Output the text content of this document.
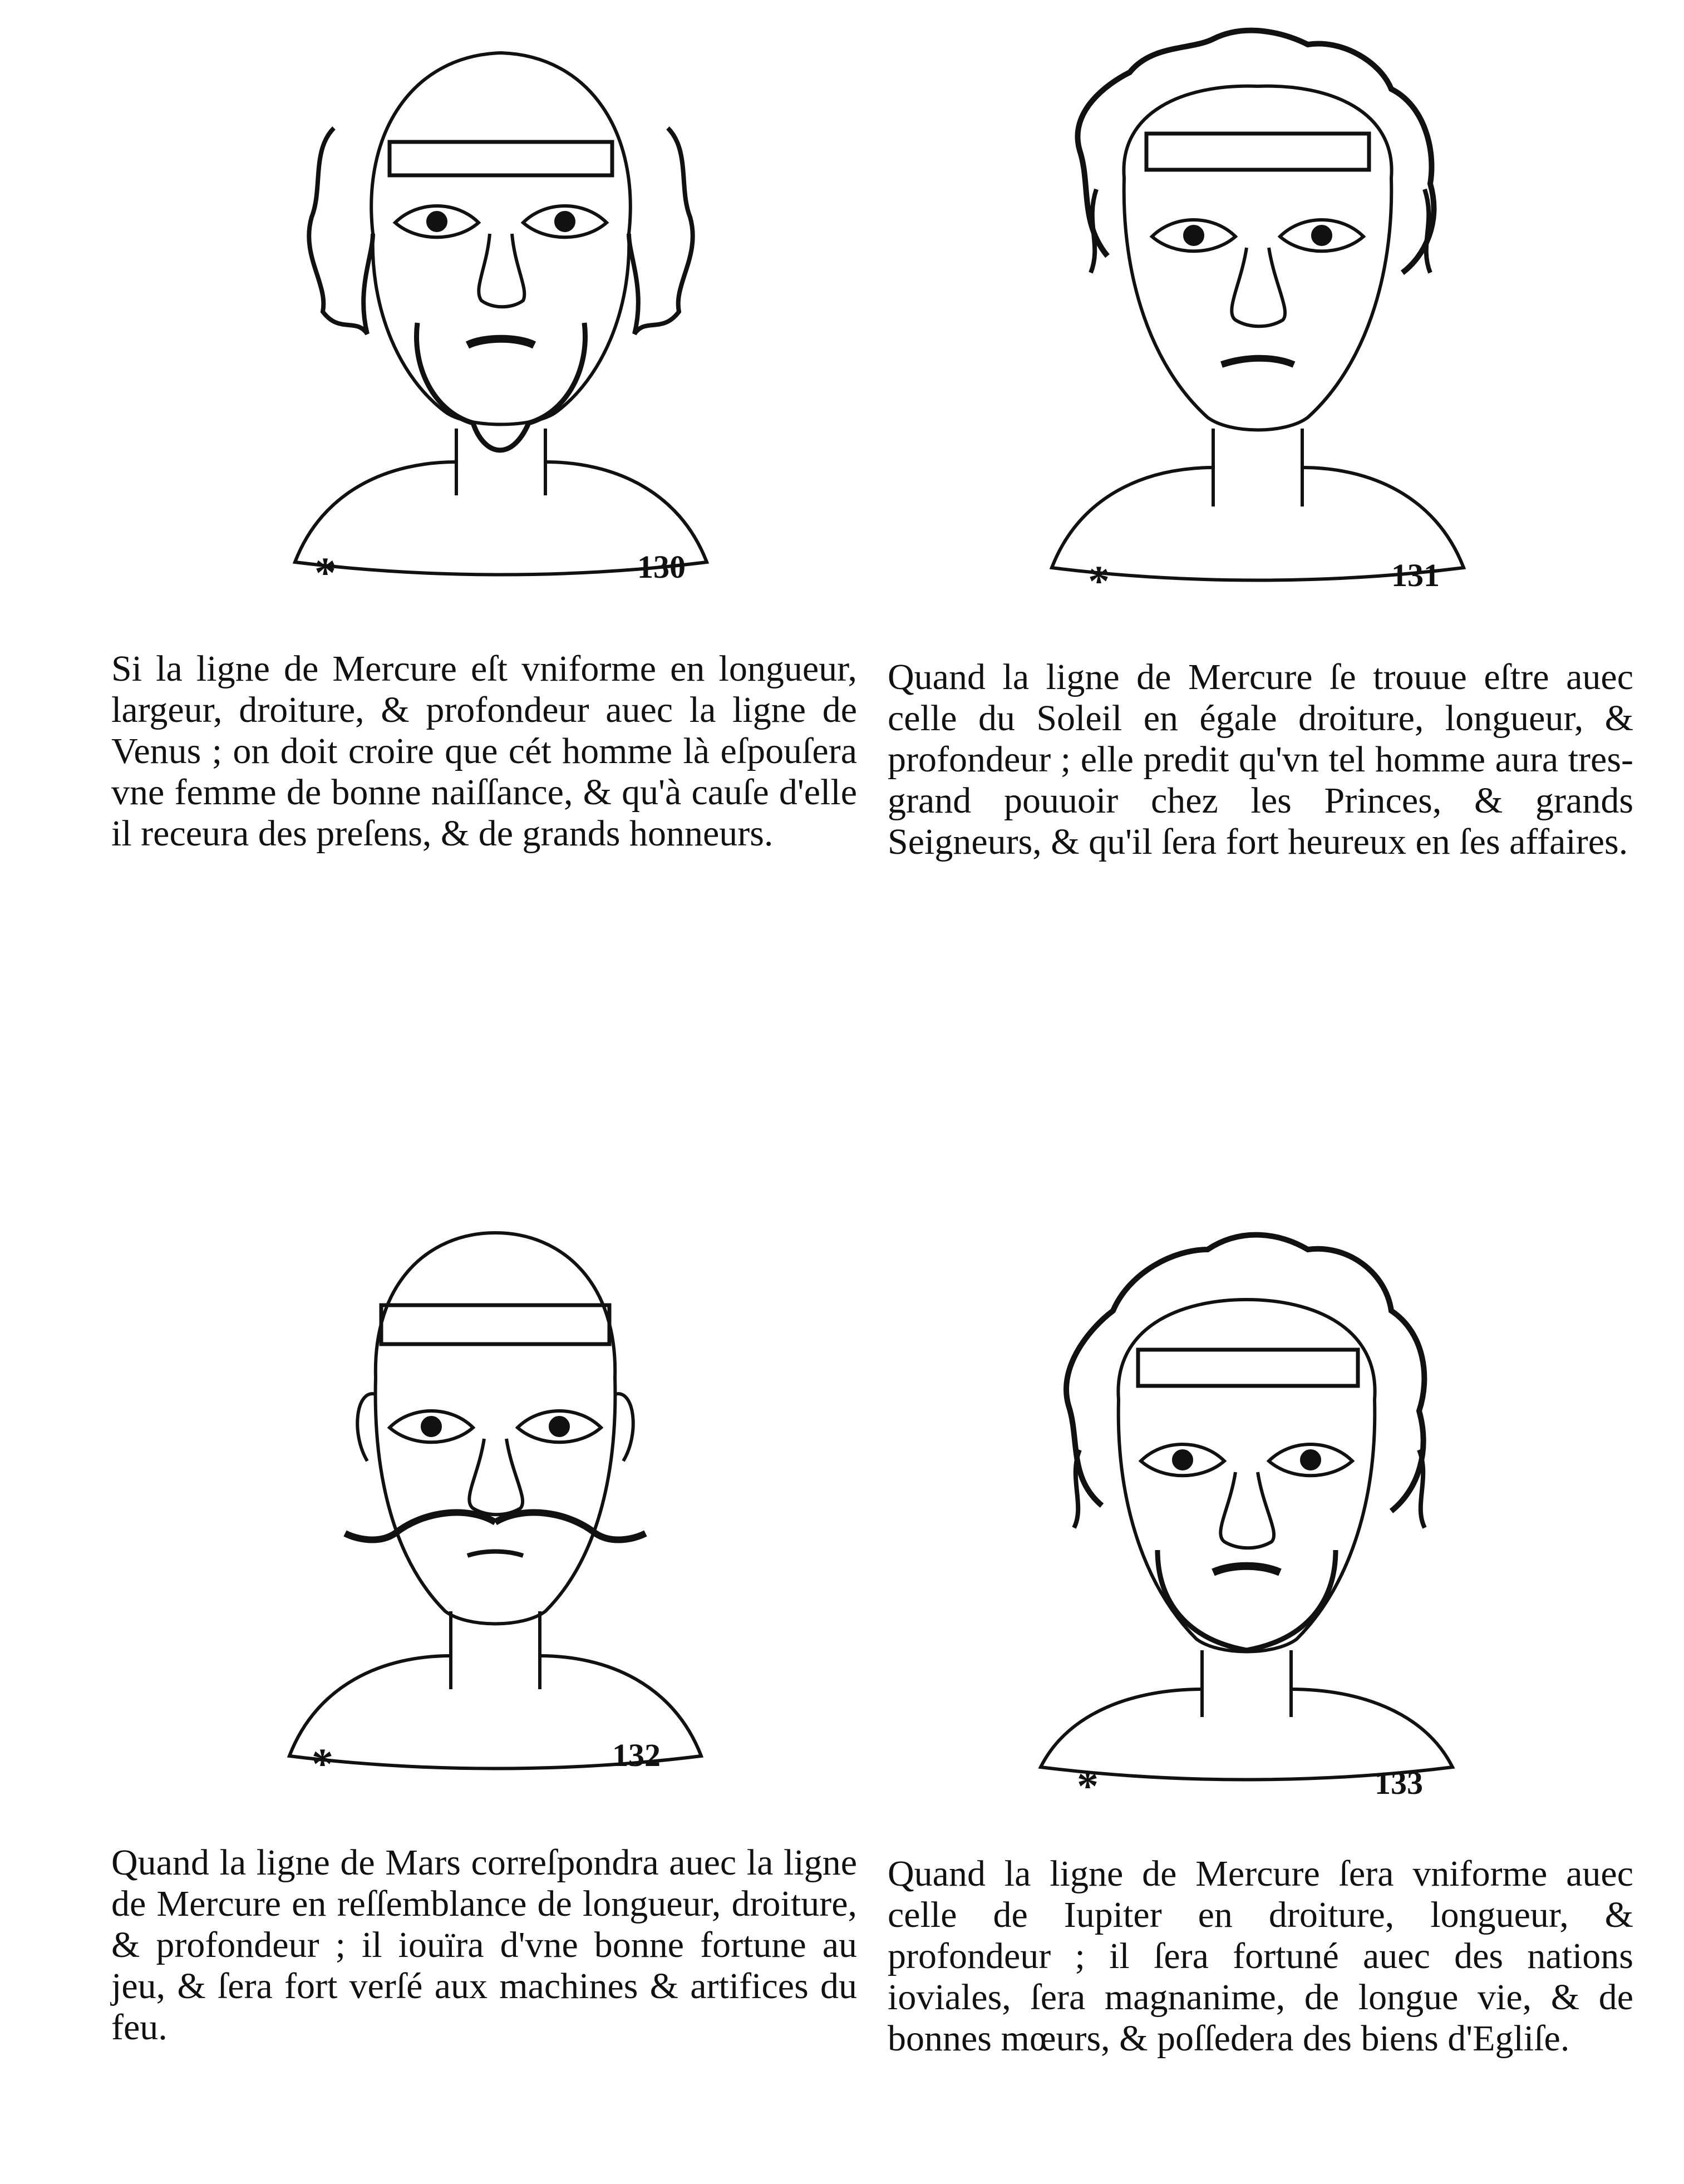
*	130	*	131

Si la ligne de Mercure eſt vniforme en longueur, largeur, droiture, & profondeur auec la ligne de Venus ; on doit croire que cét homme là eſpouſera vne femme de bonne naiſſance, & qu'à cauſe d'elle il receura des preſens, & de grands honneurs.

Quand la ligne de Mercure ſe trouue eſtre auec celle du Soleil en égale droiture, longueur, & profondeur ; elle predit qu'vn tel homme aura tres-grand pouuoir chez les Princes, & grands Seigneurs, & qu'il ſera fort heureux en ſes affaires.

*	132
*	133

Quand la ligne de Mars correſpondra auec la ligne de Mercure en reſſemblance de longueur, droiture, & profondeur ; il iouïra d'vne bonne fortune au jeu, & ſera fort verſé aux machines & artifices du feu.

Quand la ligne de Mercure ſera vniforme auec celle de Iupiter en droiture, longueur, & profondeur ; il ſera fortuné auec des nations ioviales, ſera magnanime, de longue vie, & de bonnes mœurs, & poſſedera des biens d'Egliſe.
